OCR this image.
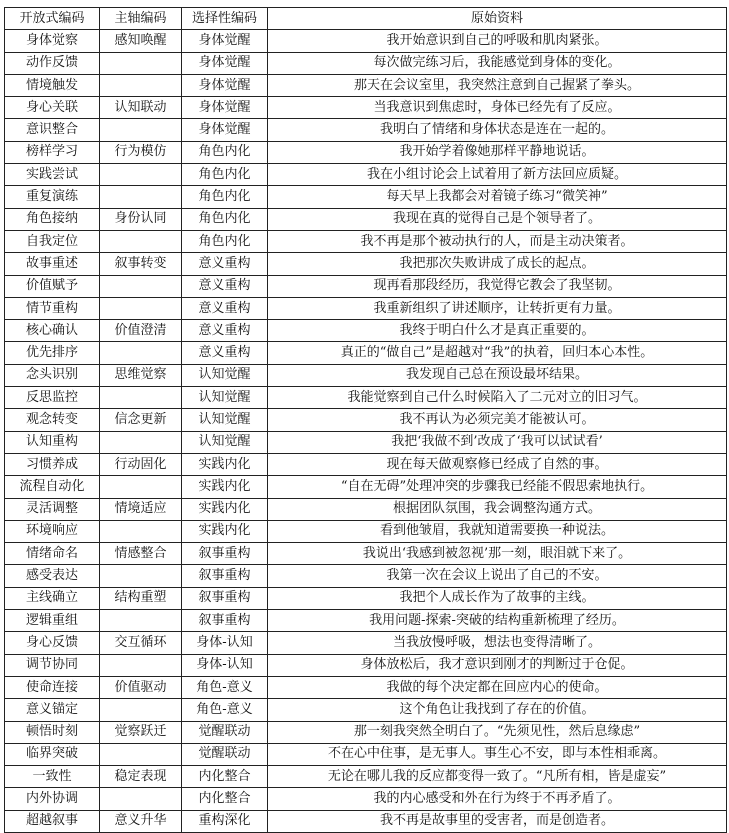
开放式编码	主轴编码	选择性编码	原始资料
身体觉察	感知唤醒	身体觉醒	我开始意识到自己的呼吸和肌肉紧张。
动作反馈		身体觉醒	每次做完练习后，我能感觉到身体的变化。
情境触发		身体觉醒	那天在会议室里，我突然注意到自己握紧了拳头。
身心关联	认知联动	身体觉醒	当我意识到焦虑时，身体已经先有了反应。
意识整合		身体觉醒	我明白了情绪和身体状态是连在一起的。
榜样学习	行为模仿	角色内化	我开始学着像她那样平静地说话。
实践尝试		角色内化	我在小组讨论会上试着用了新方法回应质疑。
重复演练		角色内化	每天早上我都会对着镜子练习“微笑神”
角色接纳	身份认同	角色内化	我现在真的觉得自己是个领导者了。
自我定位		角色内化	我不再是那个被动执行的人，而是主动决策者。
故事重述	叙事转变	意义重构	我把那次失败讲成了成长的起点。
价值赋予		意义重构	现再看那段经历，我觉得它教会了我坚韧。
情节重构		意义重构	我重新组织了讲述顺序，让转折更有力量。
核心确认	价值澄清	意义重构	我终于明白什么才是真正重要的。
优先排序		意义重构	真正的“做自己”是超越对“我”的执着，回归本心本性。
念头识别	思维觉察	认知觉醒	我发现自己总在预设最坏结果。
反思监控		认知觉醒	我能觉察到自己什么时候陷入了二元对立的旧习气。
观念转变	信念更新	认知觉醒	我不再认为必须完美才能被认可。
认知重构		认知觉醒	我把‘我做不到’改成了‘我可以试试看’
习惯养成	行动固化	实践内化	现在每天做观察修已经成了自然的事。
流程自动化		实践内化	“自在无碍”处理冲突的步骤我已经能不假思索地执行。
灵活调整	情境适应	实践内化	根据团队氛围，我会调整沟通方式。
环境响应		实践内化	看到他皱眉，我就知道需要换一种说法。
情绪命名	情感整合	叙事重构	我说出‘我感到被忽视’那一刻，眼泪就下来了。
感受表达		叙事重构	我第一次在会议上说出了自己的不安。
主线确立	结构重塑	叙事重构	我把个人成长作为了故事的主线。
逻辑重组		叙事重构	我用问题-探索-突破的结构重新梳理了经历。
身心反馈	交互循环	身体-认知	当我放慢呼吸，想法也变得清晰了。
调节协同		身体-认知	身体放松后，我才意识到刚才的判断过于仓促。
使命连接	价值驱动	角色-意义	我做的每个决定都在回应内心的使命。
意义锚定		角色-意义	这个角色让我找到了存在的价值。
顿悟时刻	觉察跃迁	觉醒联动	那一刻我突然全明白了。“先须见性，然后息缘虑”
临界突破		觉醒联动	不在心中住事，是无事人。事生心不安，即与本性相乖离。
一致性	稳定表现	内化整合	无论在哪儿我的反应都变得一致了。“凡所有相，皆是虚妄”
内外协调		内化整合	我的内心感受和外在行为终于不再矛盾了。
超越叙事	意义升华	重构深化	我不再是故事里的受害者，而是创造者。
